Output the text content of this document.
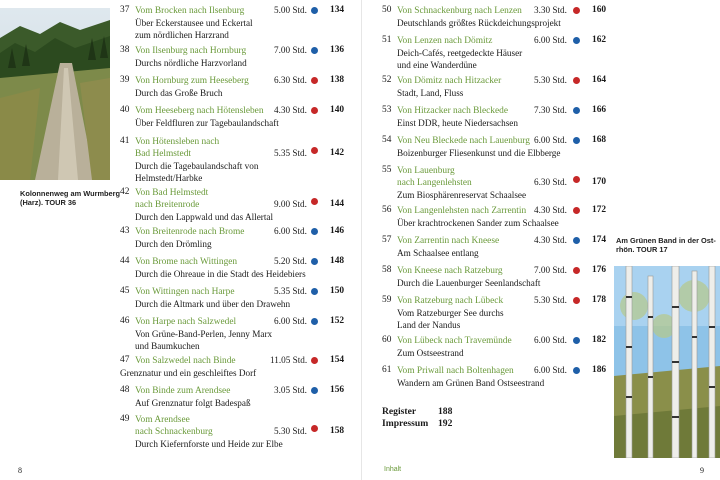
Kolonnenweg am Wurmberg
(Harz). TOUR 36
37 Vom Brocken nach Ilsenburg	5.00 Std. 134
Über Eckerstausee und Eckertal
zum nördlichen Harzrand
38 Von Ilsenburg nach Hornburg	7.00 Std. 136
Durchs nördliche Harzvorland
39 Von Hornburg zum Heeseberg	6.30 Std. 138
Durch das Große Bruch
40 Vom Heeseberg nach Hötensleben 4.30 Std. 140
Über Feldfluren zur Tagebaulandschaft
41 Von Hötensleben nach
Bad Helmstedt	5.35 Std. 142
Durch die Tagebaulandschaft von
Helmstedt/Harbke
42 Von Bad Helmstedt
nach Breitenrode	9.00 Std. 144
Durch den Lappwald und das Allertal
43 Von Breitenrode nach Brome	6.00 Std. 146
Durch den Drömling
44 Von Brome nach Wittingen	5.20 Std. 148
Durch die Ohreaue in die Stadt des Heidebiers
45 Von Wittingen nach Harpe	5.35 Std. 150
Durch die Altmark und über den Drawehn
46 Von Harpe nach Salzwedel	6.00 Std. 152
Von Grüne-Band-Perlen, Jenny Marx
und Baumkuchen
47 Von Salzwedel nach Binde	11.05 Std. 154
Grenznatur und ein geschleiftes Dorf
48 Von Binde zum Arendsee	3.05 Std. 156
Auf Grenznatur folgt Badespaß
49 Vom Arendsee
nach Schnackenburg	5.30 Std. 158
Durch Kiefernforste und Heide zur Elbe
8
50 Von Schnackenburg nach Lenzen 3.30 Std.	160
Deutschlands größtes Rückdeichungsprojekt
51 Von Lenzen nach Dömitz	6.00 Std.	162
Deich-Cafés, reetgedeckte Häuser
und eine Wanderdüne
52 Von Dömitz nach Hitzacker	5.30 Std.	164
Stadt, Land, Fluss
53 Von Hitzacker nach Bleckede	7.30 Std.	166
Einst DDR, heute Niedersachsen
54 Von Neu Bleckede nach Lauenburg 6.00 Std.	168
Boizenburger Fliesenkunst und die Elbberge
55 Von Lauenburg
nach Langenlehsten	6.30 Std.	170
Zum Biosphärenreservat Schaalsee
56 Von Langenlehsten nach Zarrentin 4.30 Std.	172
Über krachtrockenen Sander zum Schaalsee
57 Von Zarrentin nach Kneese	4.30 Std.	174
Am Schaalsee entlang
58 Von Kneese nach Ratzeburg	7.00 Std.	176
Durch die Lauenburger Seenlandschaft
59 Von Ratzeburg nach Lübeck	5.30 Std.	178
Vom Ratzeburger See durchs
Land der Nandus
60 Von Lübeck nach Travemünde 6.00 Std.	182
Zum Ostseestrand
61 Vom Priwall nach Boltenhagen 6.00 Std.	186
Wandern am Grünen Band Ostseestrand
Register 188
Impressum 192
Am Grünen Band in der Ost-
rhön. TOUR 17
Inhalt	9
